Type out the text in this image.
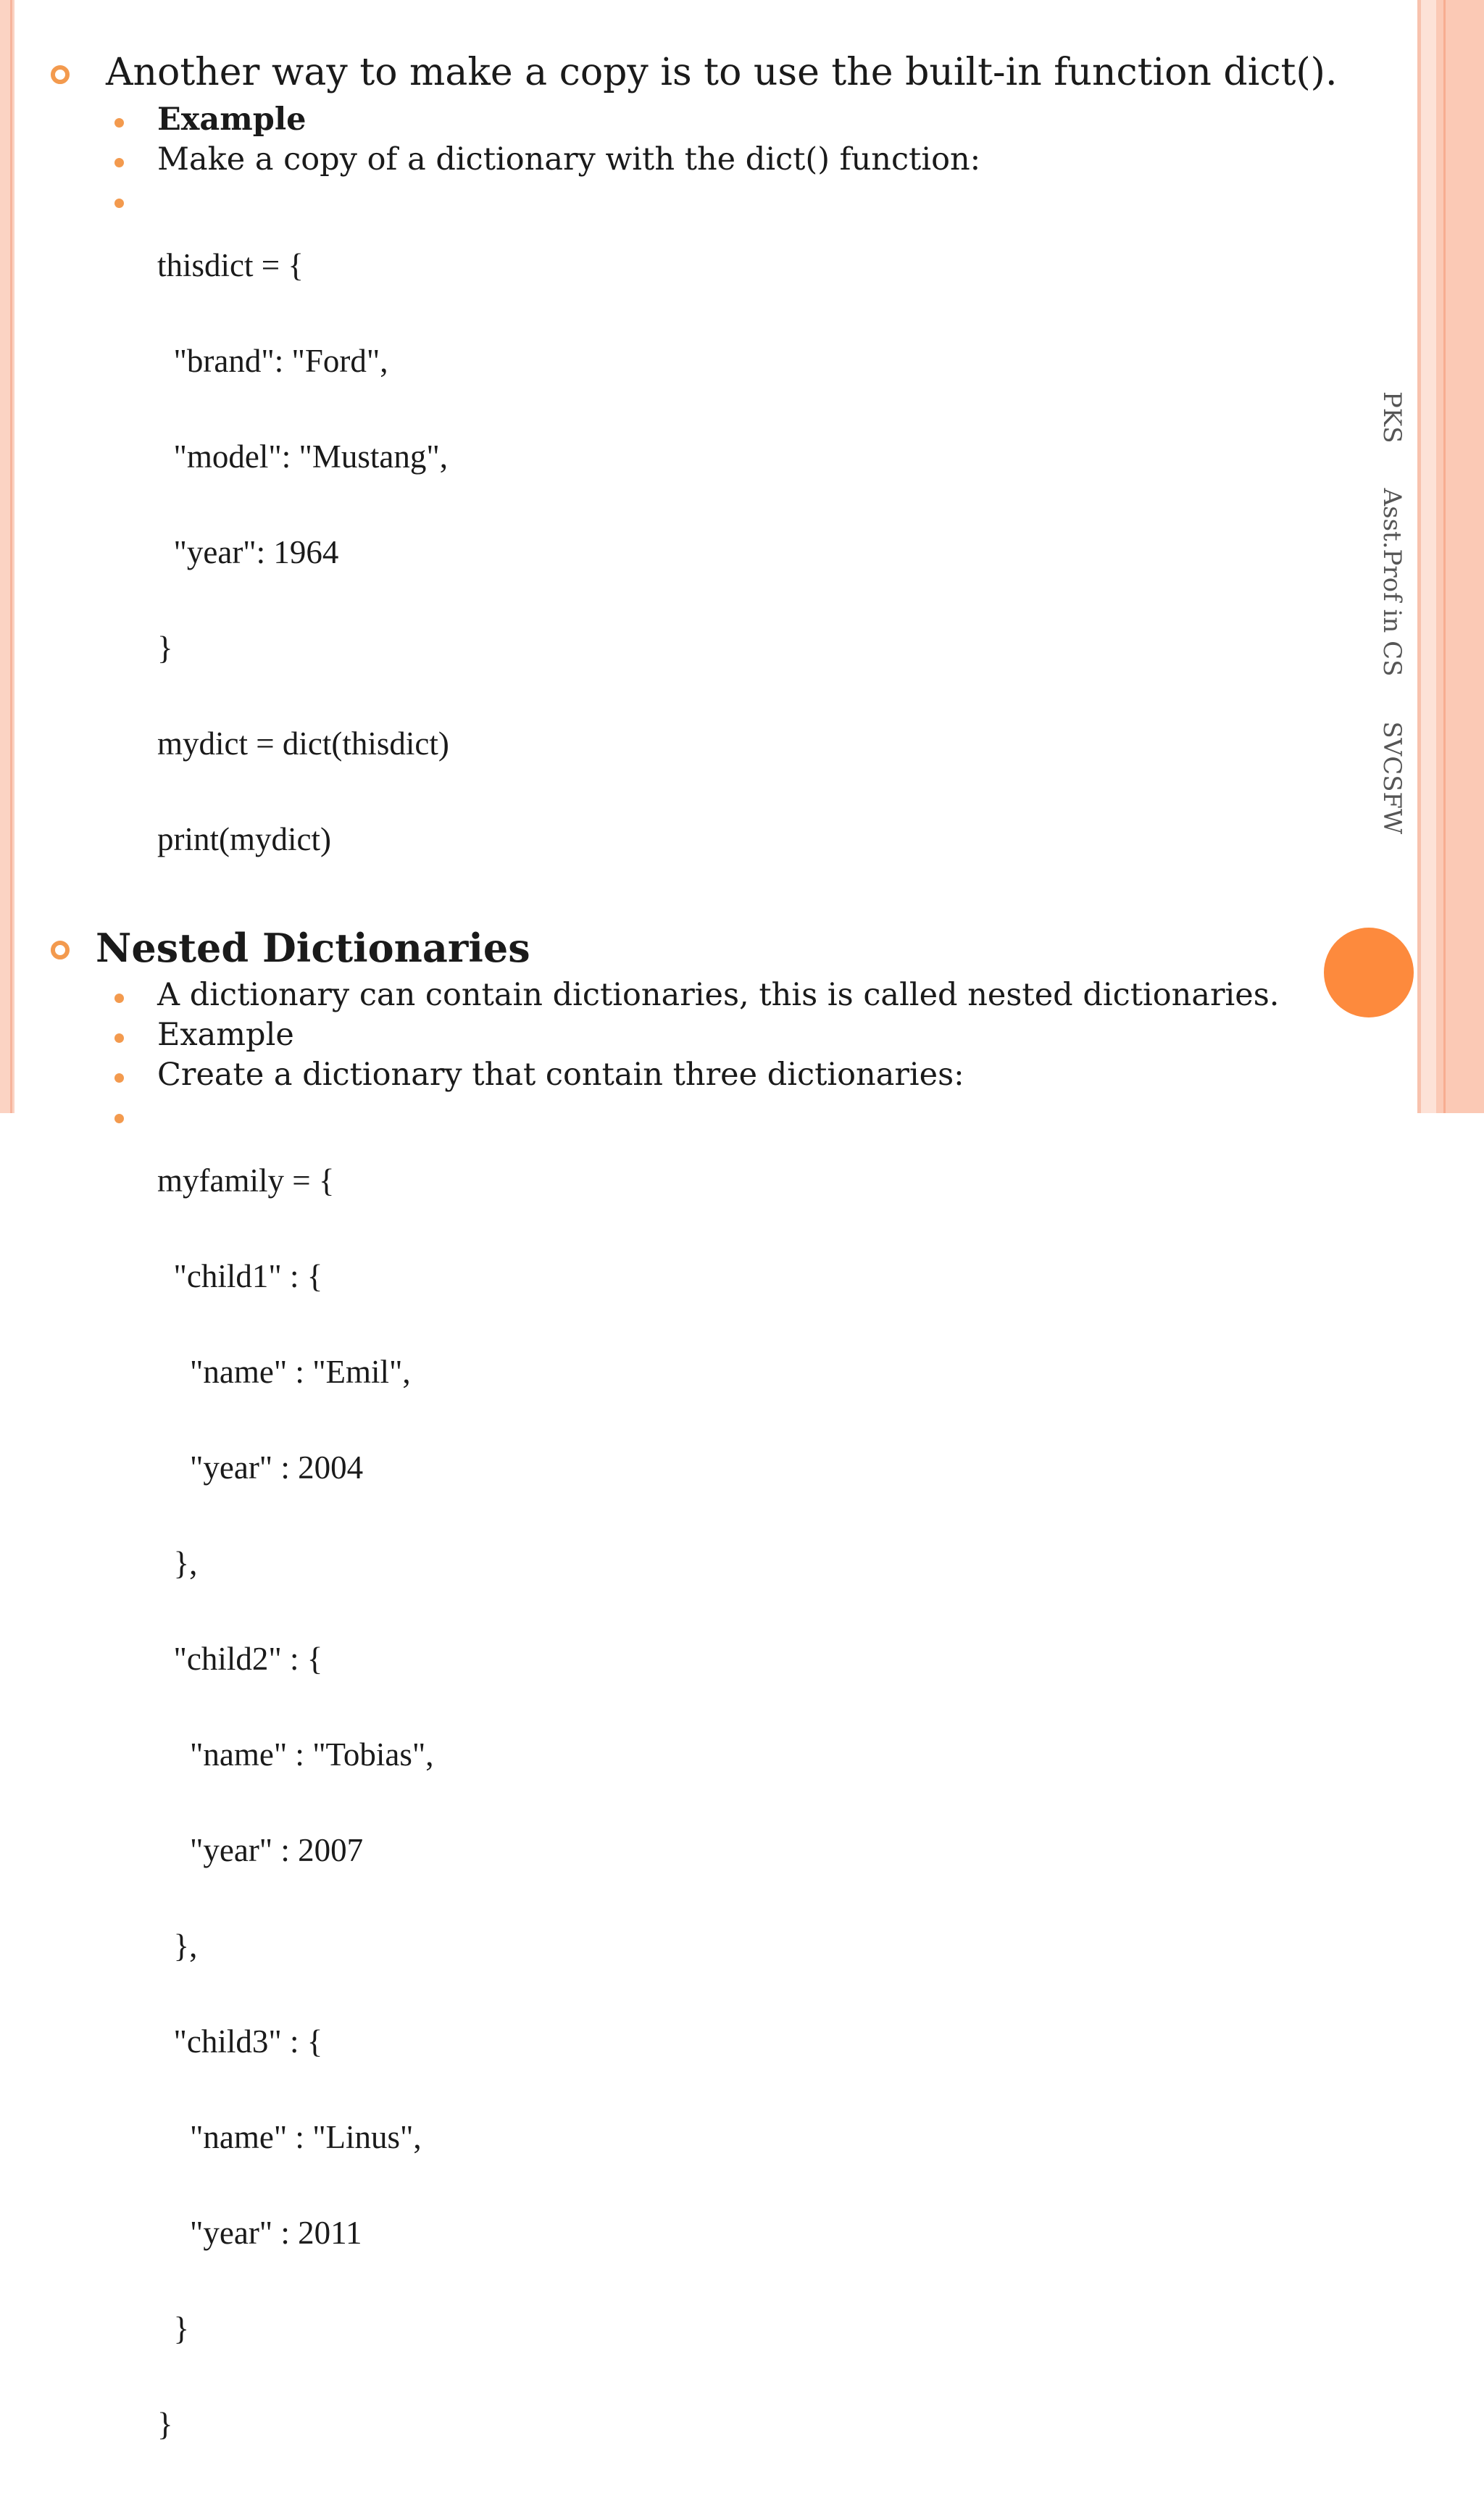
PKS
Asst.Prof in CS
SVCSFW
Another way to make a copy is to use the built-in function dict().
Example
Make a copy of a dictionary with the dict() function:

thisdict = {

"brand": "Ford",

"model": "Mustang",

"year": 1964

}

mydict = dict(thisdict)

print(mydict)

Nested Dictionaries
A dictionary can contain dictionaries, this is called nested dictionaries.
Example
Create a dictionary that contain three dictionaries:

myfamily = {

"child1" : {

"name" : "Emil",

"year" : 2004

},

"child2" : {

"name" : "Tobias",

"year" : 2007

},

"child3" : {

"name" : "Linus",

"year" : 2011

}

}
